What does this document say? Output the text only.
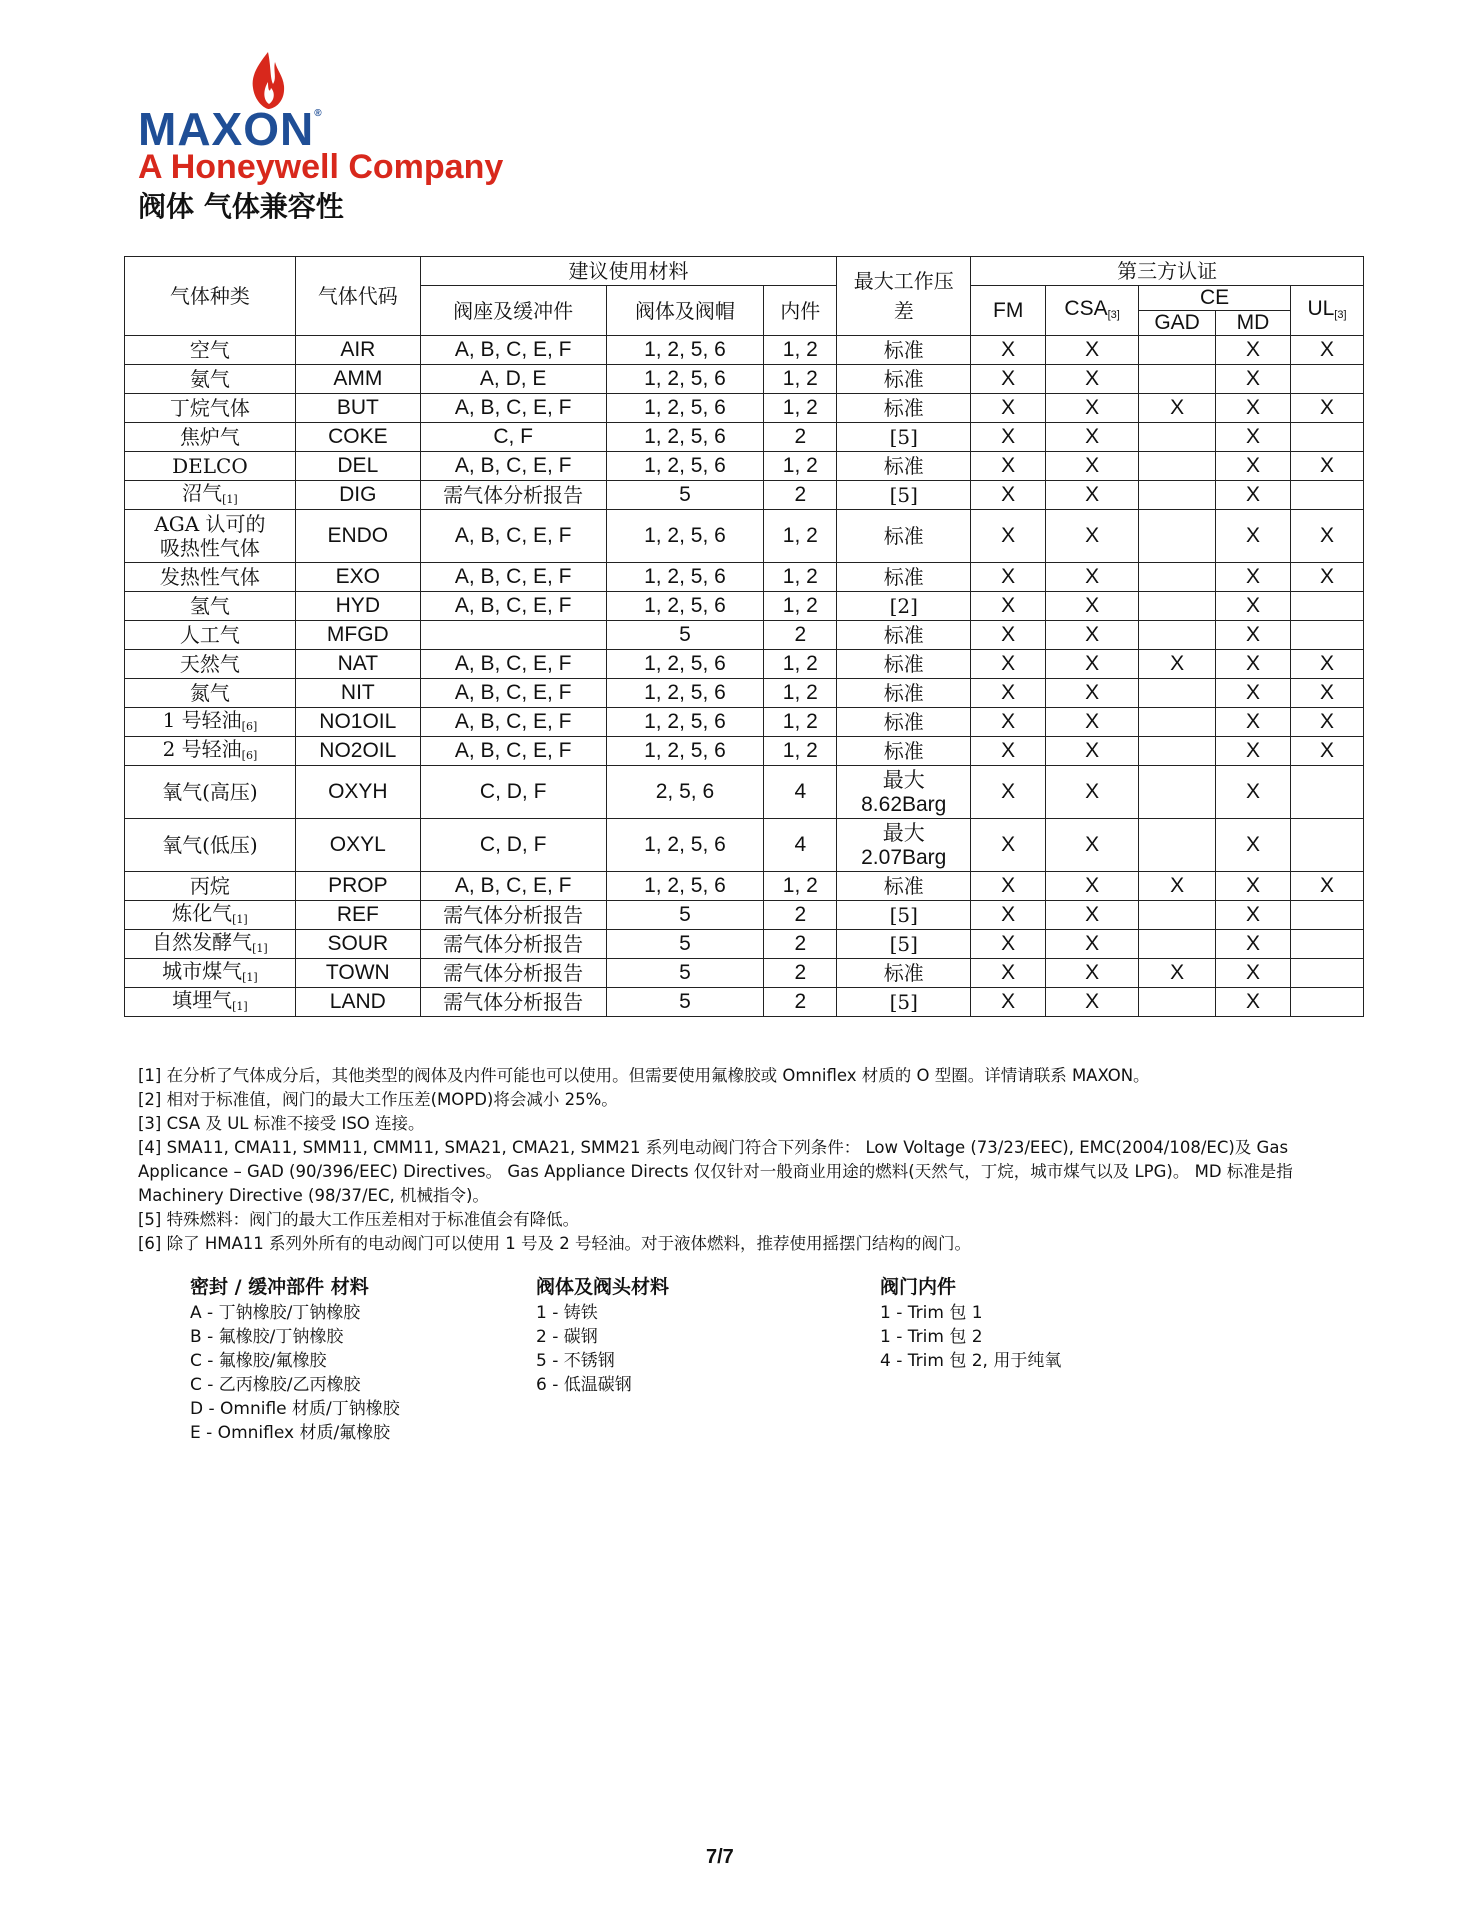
MAXON®
A Honeywell Company
阀体 气体兼容性
气体种类	气体代码	建议使用材料			最大工作压差	第三方认证				
		阀座及缓冲件	阀体及阀帽	内件		FM	CSA[3]	CE		UL[3]
								GAD	MD	
空气	AIR	A, B, C, E, F	1, 2, 5, 6	1, 2	标准	X	X		X	X
氨气	AMM	A, D, E	1, 2, 5, 6	1, 2	标准	X	X		X	
丁烷气体	BUT	A, B, C, E, F	1, 2, 5, 6	1, 2	标准	X	X	X	X	X
焦炉气	COKE	C, F	1, 2, 5, 6	2	[5]	X	X		X	
DELCO	DEL	A, B, C, E, F	1, 2, 5, 6	1, 2	标准	X	X		X	X
沼气[1]	DIG	需气体分析报告	5	2	[5]	X	X		X	
AGA 认可的
吸热性气体	ENDO	A, B, C, E, F	1, 2, 5, 6	1, 2	标准	X	X		X	X
发热性气体	EXO	A, B, C, E, F	1, 2, 5, 6	1, 2	标准	X	X		X	X
氢气	HYD	A, B, C, E, F	1, 2, 5, 6	1, 2	[2]	X	X		X	
人工气	MFGD		5	2	标准	X	X		X	
天然气	NAT	A, B, C, E, F	1, 2, 5, 6	1, 2	标准	X	X	X	X	X
氮气	NIT	A, B, C, E, F	1, 2, 5, 6	1, 2	标准	X	X		X	X
1 号轻油[6]	NO1OIL	A, B, C, E, F	1, 2, 5, 6	1, 2	标准	X	X		X	X
2 号轻油[6]	NO2OIL	A, B, C, E, F	1, 2, 5, 6	1, 2	标准	X	X		X	X
氧气(高压)	OXYH	C, D, F	2, 5, 6	4	最大
8.62Barg	X	X		X	
氧气(低压)	OXYL	C, D, F	1, 2, 5, 6	4	最大
2.07Barg	X	X		X	
丙烷	PROP	A, B, C, E, F	1, 2, 5, 6	1, 2	标准	X	X	X	X	X
炼化气[1]	REF	需气体分析报告	5	2	[5]	X	X		X	
自然发酵气[1]	SOUR	需气体分析报告	5	2	[5]	X	X		X	
城市煤气[1]	TOWN	需气体分析报告	5	2	标准	X	X	X	X	
填埋气[1]	LAND	需气体分析报告	5	2	[5]	X	X		X	

[1] 在分析了气体成分后，其他类型的阀体及内件可能也可以使用。但需要使用氟橡胶或 Omniflex 材质的 O 型圈。详情请联系 MAXON。

[2] 相对于标准值，阀门的最大工作压差(MOPD)将会减小 25%。

[3] CSA 及 UL 标准不接受 ISO 连接。

[4] SMA11, CMA11, SMM11, CMM11, SMA21, CMA21, SMM21 系列电动阀门符合下列条件： Low Voltage (73/23/EEC), EMC(2004/108/EC)及 Gas Applicance – GAD (90/396/EEC) Directives。 Gas Appliance Directs 仅仅针对一般商业用途的燃料(天然气，丁烷，城市煤气以及 LPG)。 MD 标准是指 Machinery Directive (98/37/EC, 机械指令)。

[5] 特殊燃料：阀门的最大工作压差相对于标准值会有降低。

[6] 除了 HMA11 系列外所有的电动阀门可以使用 1 号及 2 号轻油。对于液体燃料，推荐使用摇摆门结构的阀门。

密封 / 缓冲部件 材料

A - 丁钠橡胶/丁钠橡胶

B - 氟橡胶/丁钠橡胶

C - 氟橡胶/氟橡胶

C - 乙丙橡胶/乙丙橡胶

D - Omnifle 材质/丁钠橡胶

E - Omniflex 材质/氟橡胶

阀体及阀头材料

1 - 铸铁

2 - 碳钢

5 - 不锈钢

6 - 低温碳钢

阀门内件

1 - Trim 包 1

1 - Trim 包 2

4 - Trim 包 2, 用于纯氧

7/7
